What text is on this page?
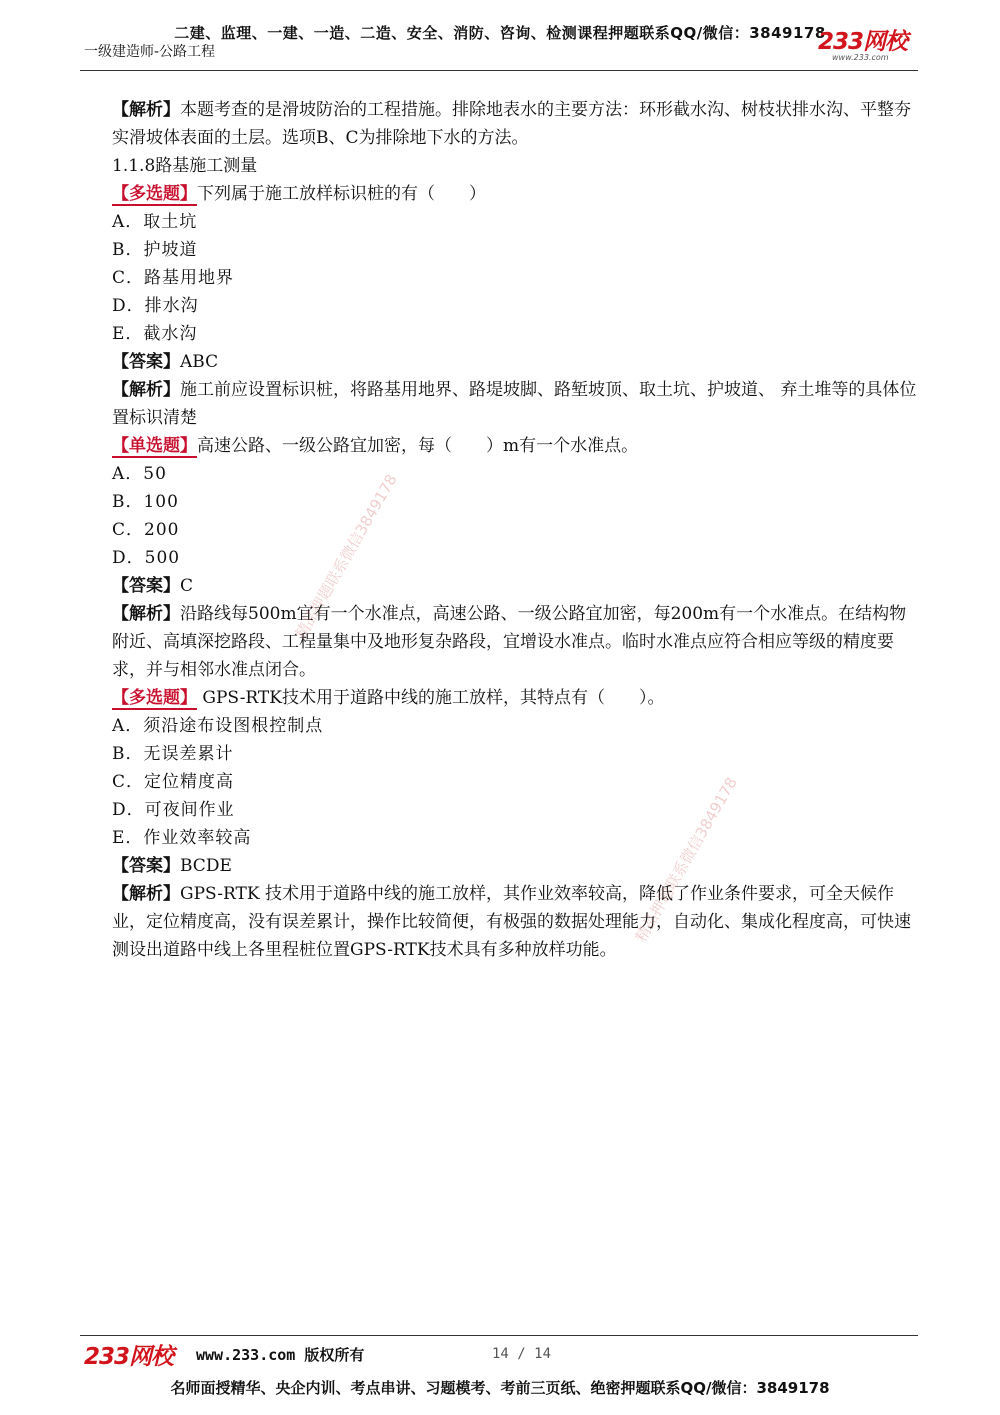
二建、监理、一建、一造、二造、安全、消防、咨询、检测课程押题联系QQ/微信：3849178
一级建造师-公路工程	233网校
www.233.com

【解析】本题考查的是滑坡防治的工程措施。排除地表水的主要方法：环形截水沟、树枝状排水沟、平整夯实滑坡体表面的土层。选项B、C为排除地下水的方法。

1.1.8路基施工测量

【多选题】下列属于施工放样标识桩的有（　　）

A．取土坑

B．护坡道

C．路基用地界

D．排水沟

E．截水沟

【答案】ABC

【解析】施工前应设置标识桩，将路基用地界、路堤坡脚、路堑坡顶、取土坑、护坡道、 弃土堆等的具体位置标识清楚

【单选题】高速公路、一级公路宜加密，每（　　）m有一个水准点。

A．50

B．100

C．200

D．500

【答案】C

【解析】沿路线每500m宜有一个水准点，高速公路、一级公路宜加密，每200m有一个水准点。在结构物附近、高填深挖路段、工程量集中及地形复杂路段，宜增设水准点。临时水准点应符合相应等级的精度要求，并与相邻水准点闭合。

【多选题】 GPS-RTK技术用于道路中线的施工放样，其特点有（　　）。

A．须沿途布设图根控制点

B．无误差累计

C．定位精度高

D．可夜间作业

E．作业效率较高

【答案】BCDE

【解析】GPS-RTK 技术用于道路中线的施工放样，其作业效率较高，降低了作业条件要求，可全天候作业，定位精度高，没有误差累计，操作比较简便，有极强的数据处理能力，自动化、集成化程度高，可快速测设出道路中线上各里程桩位置GPS-RTK技术具有多种放样功能。

精品押题联系微信3849178
精品押题联系微信3849178
233网校 www.233.com 版权所有	14 / 14
名师面授精华、央企内训、考点串讲、习题模考、考前三页纸、绝密押题联系QQ/微信：3849178
